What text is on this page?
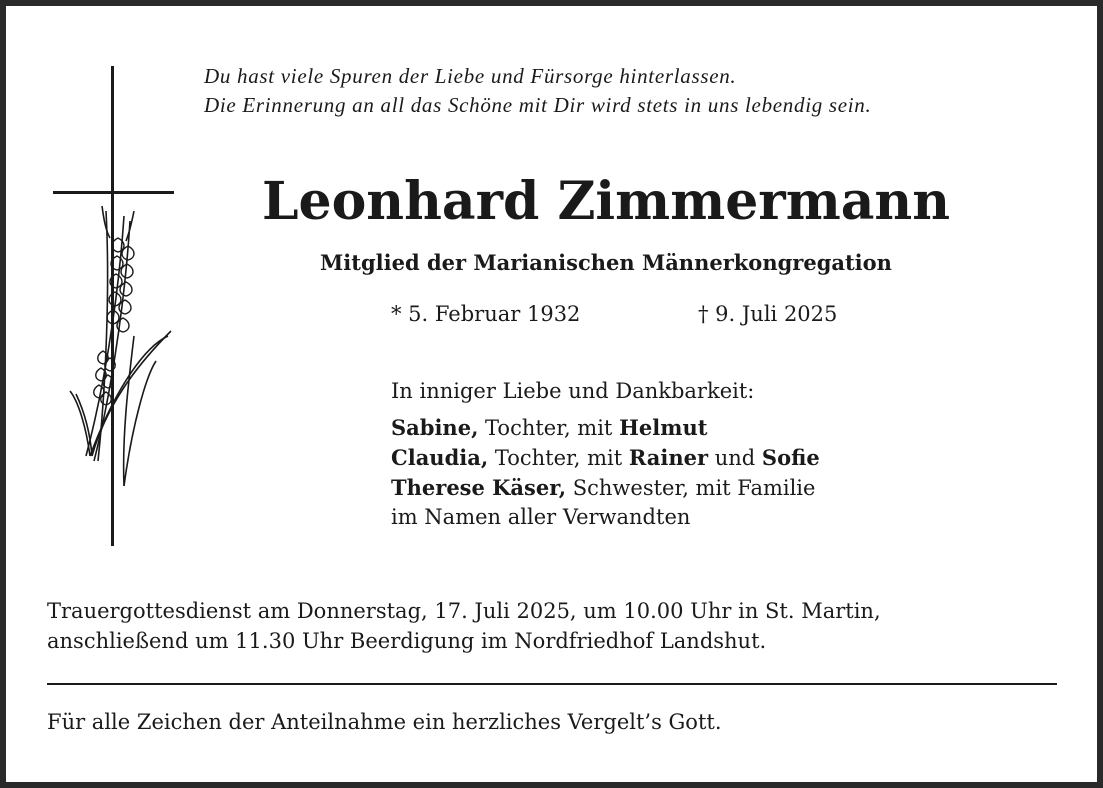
Du hast viele Spuren der Liebe und Fürsorge hinterlassen.
Die Erinnerung an all das Schöne mit Dir wird stets in uns lebendig sein.
Leonhard Zimmermann
Mitglied der Marianischen Männerkongregation
* 5. Februar 1932	† 9. Juli 2025
In inniger Liebe und Dankbarkeit:
Sabine, Tochter, mit Helmut
Claudia, Tochter, mit Rainer und Sofie
Therese Käser, Schwester, mit Familie
im Namen aller Verwandten
Trauergottesdienst am Donnerstag, 17. Juli 2025, um 10.00 Uhr in St. Martin,
anschließend um 11.30 Uhr Beerdigung im Nordfriedhof Landshut.
Für alle Zeichen der Anteilnahme ein herzliches Vergelt’s Gott.
